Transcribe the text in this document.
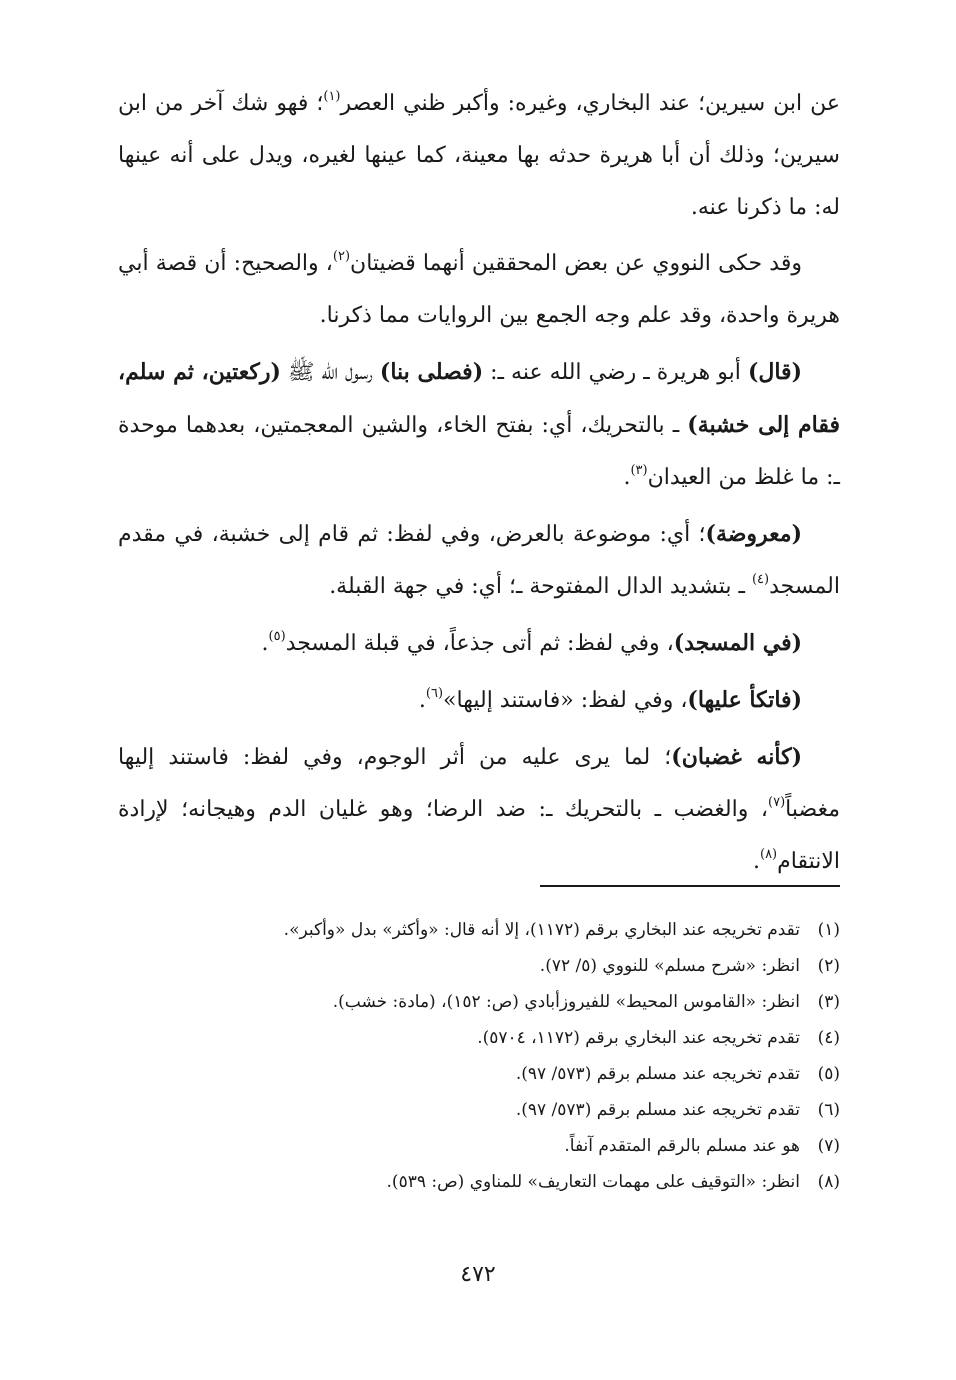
عن ابن سيرين؛ عند البخاري، وغيره: وأكبر ظني العصر$^{(١)}$؛ فهو شك آخر من ابن سيرين؛ وذلك أن أبا هريرة حدثه بها معينة، كما عينها لغيره، ويدل على أنه عينها له: ما ذكرنا عنه.

وقد حكى النووي عن بعض المحققين أنهما قضيتان$^{(٢)}$، والصحيح: أن قصة أبي هريرة واحدة، وقد علم وجه الجمع بين الروايات مما ذكرنا.

(قال) أبو هريرة ـ رضي الله عنه ـ: (فصلى بنا) رسول الله ﷺ (ركعتين، ثم سلم، فقام إلى خشبة) ـ بالتحريك، أي: بفتح الخاء، والشين المعجمتين، بعدهما موحدة ـ: ما غلظ من العيدان$^{(٣)}$.

(معروضة)؛ أي: موضوعة بالعرض، وفي لفظ: ثم قام إلى خشبة، في مقدم المسجد$^{(٤)}$ ـ بتشديد الدال المفتوحة ـ؛ أي: في جهة القبلة.

(في المسجد)، وفي لفظ: ثم أتى جذعاً، في قبلة المسجد$^{(٥)}$.

(فاتكأ عليها)، وفي لفظ: «فاستند إليها»$^{(٦)}$.

(كأنه غضبان)؛ لما يرى عليه من أثر الوجوم، وفي لفظ: فاستند إليها مغضباً$^{(٧)}$، والغضب ـ بالتحريك ـ: ضد الرضا؛ وهو غليان الدم وهيجانه؛ لإرادة الانتقام$^{(٨)}$.

(١)
تقدم تخريجه عند البخاري برقم (١١٧٢)، إلا أنه قال: «وأكثر» بدل «وأكبر».
(٢)
انظر: «شرح مسلم» للنووي (٥/ ٧٢).
(٣)
انظر: «القاموس المحيط» للفيروزأبادي (ص: ١٥٢)، (مادة: خشب).
(٤)
تقدم تخريجه عند البخاري برقم (١١٧٢، ٥٧٠٤).
(٥)
تقدم تخريجه عند مسلم برقم (٥٧٣/ ٩٧).
(٦)
تقدم تخريجه عند مسلم برقم (٥٧٣/ ٩٧).
(٧)
هو عند مسلم بالرقم المتقدم آنفاً.
(٨)
انظر: «التوقيف على مهمات التعاريف» للمناوي (ص: ٥٣٩).
٤٧٢
